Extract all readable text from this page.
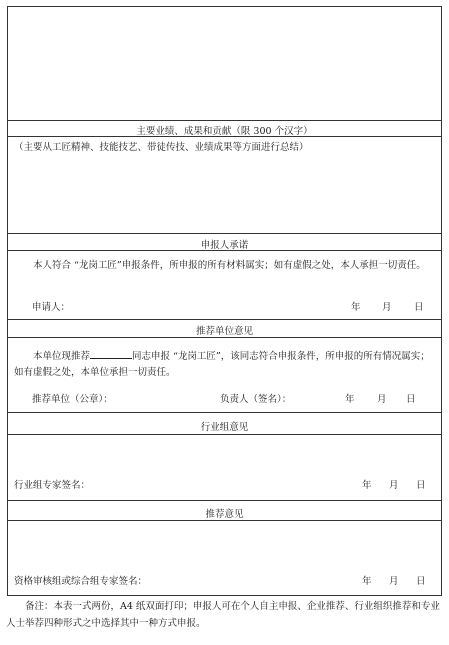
主要业绩、成果和贡献（限 300 个汉字）
（主要从工匠精神、技能技艺、带徒传技、业绩成果等方面进行总结）
申报人承诺
本人符合 “龙岗工匠”申报条件，所申报的所有材料属实；如有虚假之处，本人承担一切责任。
申请人：	年 月 日
推荐单位意见
本单位现推荐	同志申报 “龙岗工匠”，该同志符合申报条件，所申报的所有情况属实；如有虚假之处，本单位承担一切责任。
推荐单位（公章）：	负责人（签名）：	年 月 日
行业组意见
行业组专家签名：	年 月 日
推荐意见
资格审核组或综合组专家签名：	年 月 日
备注：本表一式两份，A4 纸双面打印；申报人可在个人自主申报、企业推荐、行业组织推荐和专业人士举荐四种形式之中选择其中一种方式申报。
